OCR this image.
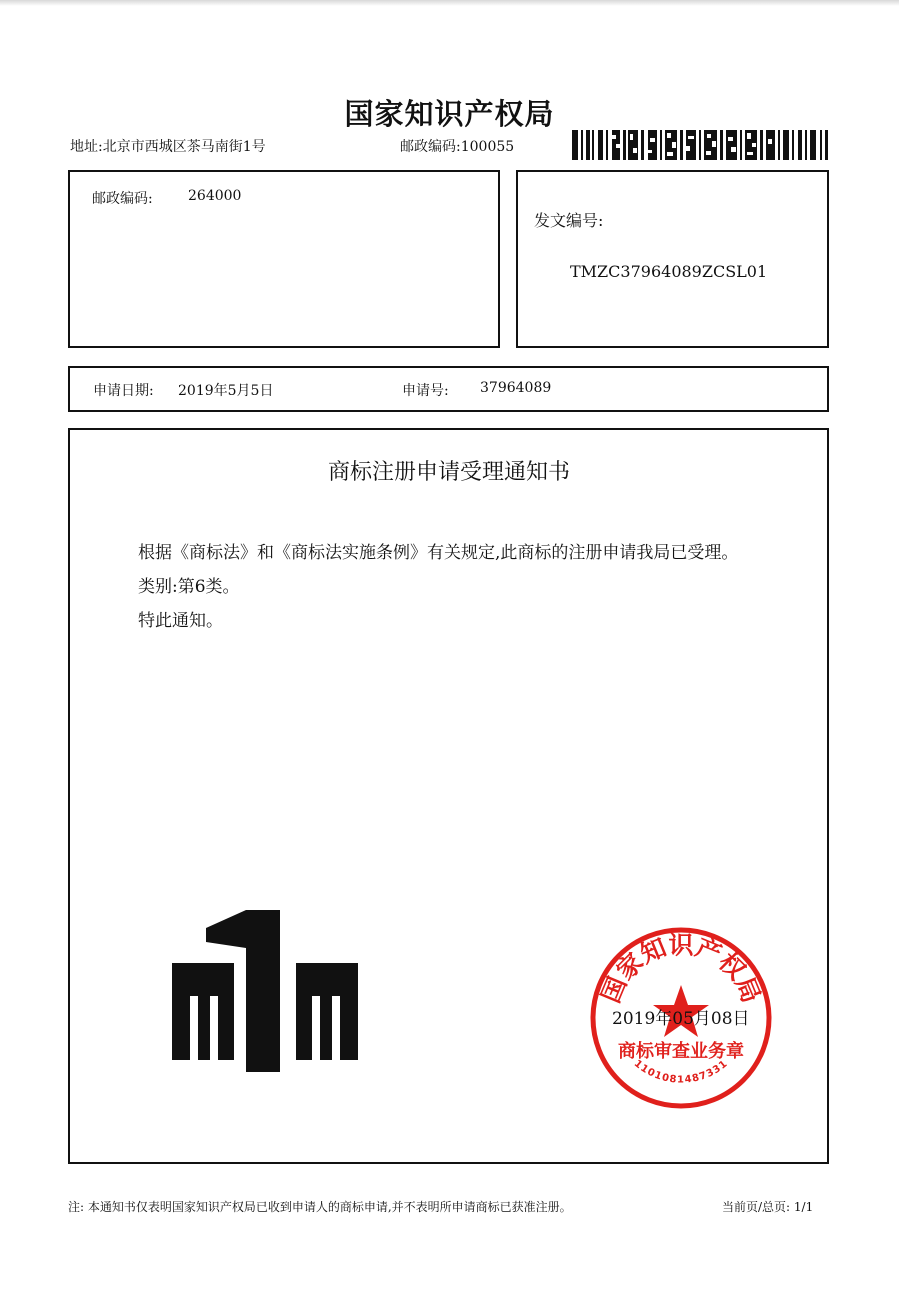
国家知识产权局
地址:北京市西城区茶马南街1号	邮政编码:100055
邮政编码:	264000
发文编号:
TMZC37964089ZCSL01
申请日期: 2019年5月5日	申请号: 37964089
商标注册申请受理通知书
根据《商标法》和《商标法实施条例》有关规定,此商标的注册申请我局已受理。
类别:第6类。
特此通知。
国家知识产权局
商标审查业务章
1101081487331
2019年05月08日
注: 本通知书仅表明国家知识产权局已收到申请人的商标申请,并不表明所申请商标已获准注册。	当前页/总页: 1/1
